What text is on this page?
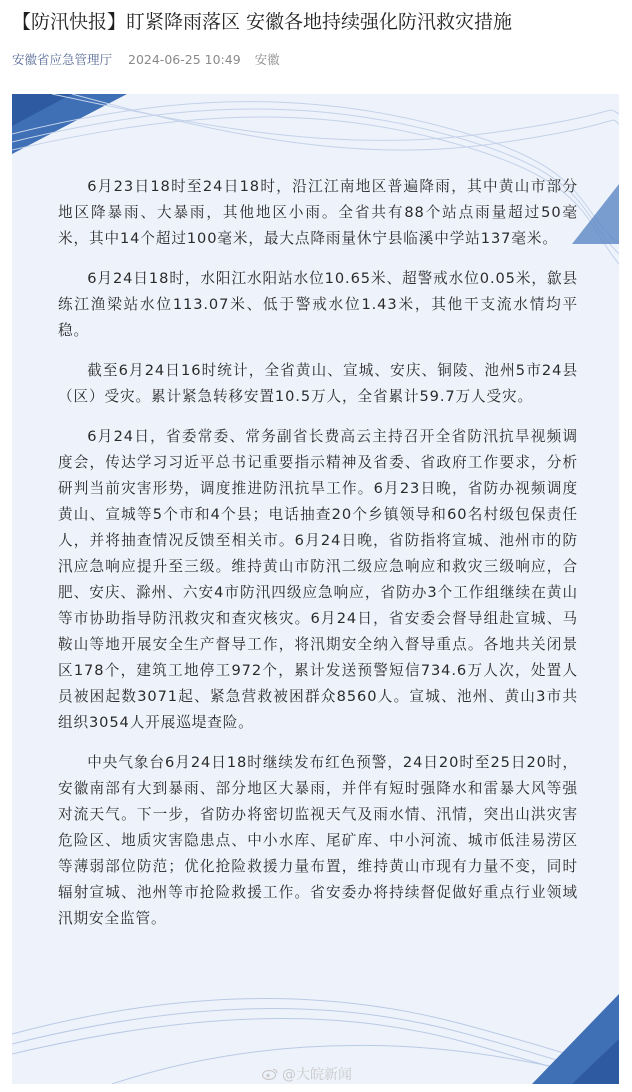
【防汛快报】盯紧降雨落区 安徽各地持续强化防汛救灾措施
安徽省应急管理厅 2024-06-25 10:49 安徽

6月23日18时至24日18时，沿江江南地区普遍降雨，其中黄山市部分地区降暴雨、大暴雨，其他地区小雨。全省共有88个站点雨量超过50毫米，其中14个超过100毫米，最大点降雨量休宁县临溪中学站137毫米。

6月24日18时，水阳江水阳站水位10.65米、超警戒水位0.05米，歙县练江渔梁站水位113.07米、低于警戒水位1.43米，其他干支流水情均平稳。

截至6月24日16时统计，全省黄山、宣城、安庆、铜陵、池州5市24县（区）受灾。累计紧急转移安置10.5万人，全省累计59.7万人受灾。

6月24日，省委常委、常务副省长费高云主持召开全省防汛抗旱视频调度会，传达学习习近平总书记重要指示精神及省委、省政府工作要求，分析研判当前灾害形势，调度推进防汛抗旱工作。6月23日晚，省防办视频调度黄山、宣城等5个市和4个县；电话抽查20个乡镇领导和60名村级包保责任人，并将抽查情况反馈至相关市。6月24日晚，省防指将宣城、池州市的防汛应急响应提升至三级。维持黄山市防汛二级应急响应和救灾三级响应，合肥、安庆、滁州、六安4市防汛四级应急响应，省防办3个工作组继续在黄山等市协助指导防汛救灾和查灾核灾。6月24日，省安委会督导组赴宣城、马鞍山等地开展安全生产督导工作，将汛期安全纳入督导重点。各地共关闭景区178个，建筑工地停工972个，累计发送预警短信734.6万人次，处置人员被困起数3071起、紧急营救被困群众8560人。宣城、池州、黄山3市共组织3054人开展巡堤查险。

中央气象台6月24日18时继续发布红色预警，24日20时至25日20时，安徽南部有大到暴雨、部分地区大暴雨，并伴有短时强降水和雷暴大风等强对流天气。下一步，省防办将密切监视天气及雨水情、汛情，突出山洪灾害危险区、地质灾害隐患点、中小水库、尾矿库、中小河流、城市低洼易涝区等薄弱部位防范；优化抢险救援力量布置，维持黄山市现有力量不变，同时辐射宣城、池州等市抢险救援工作。省安委办将持续督促做好重点行业领域汛期安全监管。

@大皖新闻
